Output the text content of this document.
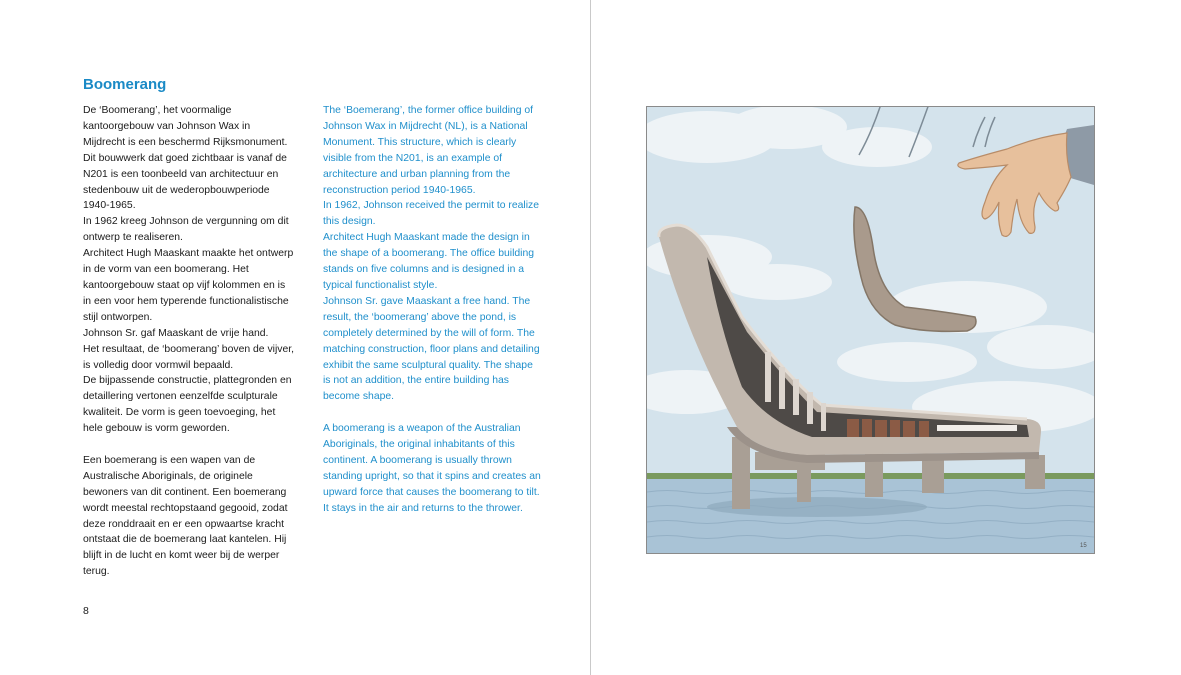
Boomerang

De ‘Boomerang’, het voormalige kantoorgebouw van Johnson Wax in Mijdrecht is een beschermd Rijksmonument. Dit bouwwerk dat goed zichtbaar is vanaf de N201 is een toonbeeld van architectuur en stedenbouw uit de wederopbouwperiode 1940-1965.

In 1962 kreeg Johnson de vergunning om dit ontwerp te realiseren.

Architect Hugh Maaskant maakte het ontwerp in de vorm van een boomerang. Het kantoorgebouw staat op vijf kolommen en is in een voor hem typerende functionalistische stijl ontworpen.

Johnson Sr. gaf Maaskant de vrije hand.

Het resultaat, de ‘boomerang’ boven de vijver, is volledig door vormwil bepaald.

De bijpassende constructie, plattegronden en detaillering vertonen eenzelfde sculpturale kwaliteit. De vorm is geen toevoeging, het hele gebouw is vorm geworden.

Een boemerang is een wapen van de Australische Aboriginals, de originele bewoners van dit continent. Een boemerang wordt meestal rechtopstaand gegooid, zodat deze ronddraait en er een opwaartse kracht ontstaat die de boemerang laat kantelen. Hij blijft in de lucht en komt weer bij de werper terug.

The ‘Boemerang’, the former office building of Johnson Wax in Mijdrecht (NL), is a National Monument. This structure, which is clearly visible from the N201, is an example of architecture and urban planning from the reconstruction period 1940-1965.

In 1962, Johnson received the permit to realize this design.

Architect Hugh Maaskant made the design in the shape of a boomerang. The office building stands on five columns and is designed in a typical functionalist style.

Johnson Sr. gave Maaskant a free hand. The result, the ‘boomerang’ above the pond, is completely determined by the will of form. The matching construction, floor plans and detailing exhibit the same sculptural quality. The shape is not an addition, the entire building has become shape.

A boomerang is a weapon of the Australian Aboriginals, the original inhabitants of this continent. A boomerang is usually thrown standing upright, so that it spins and creates an upward force that causes the boomerang to tilt. It stays in the air and returns to the thrower.

8
15
